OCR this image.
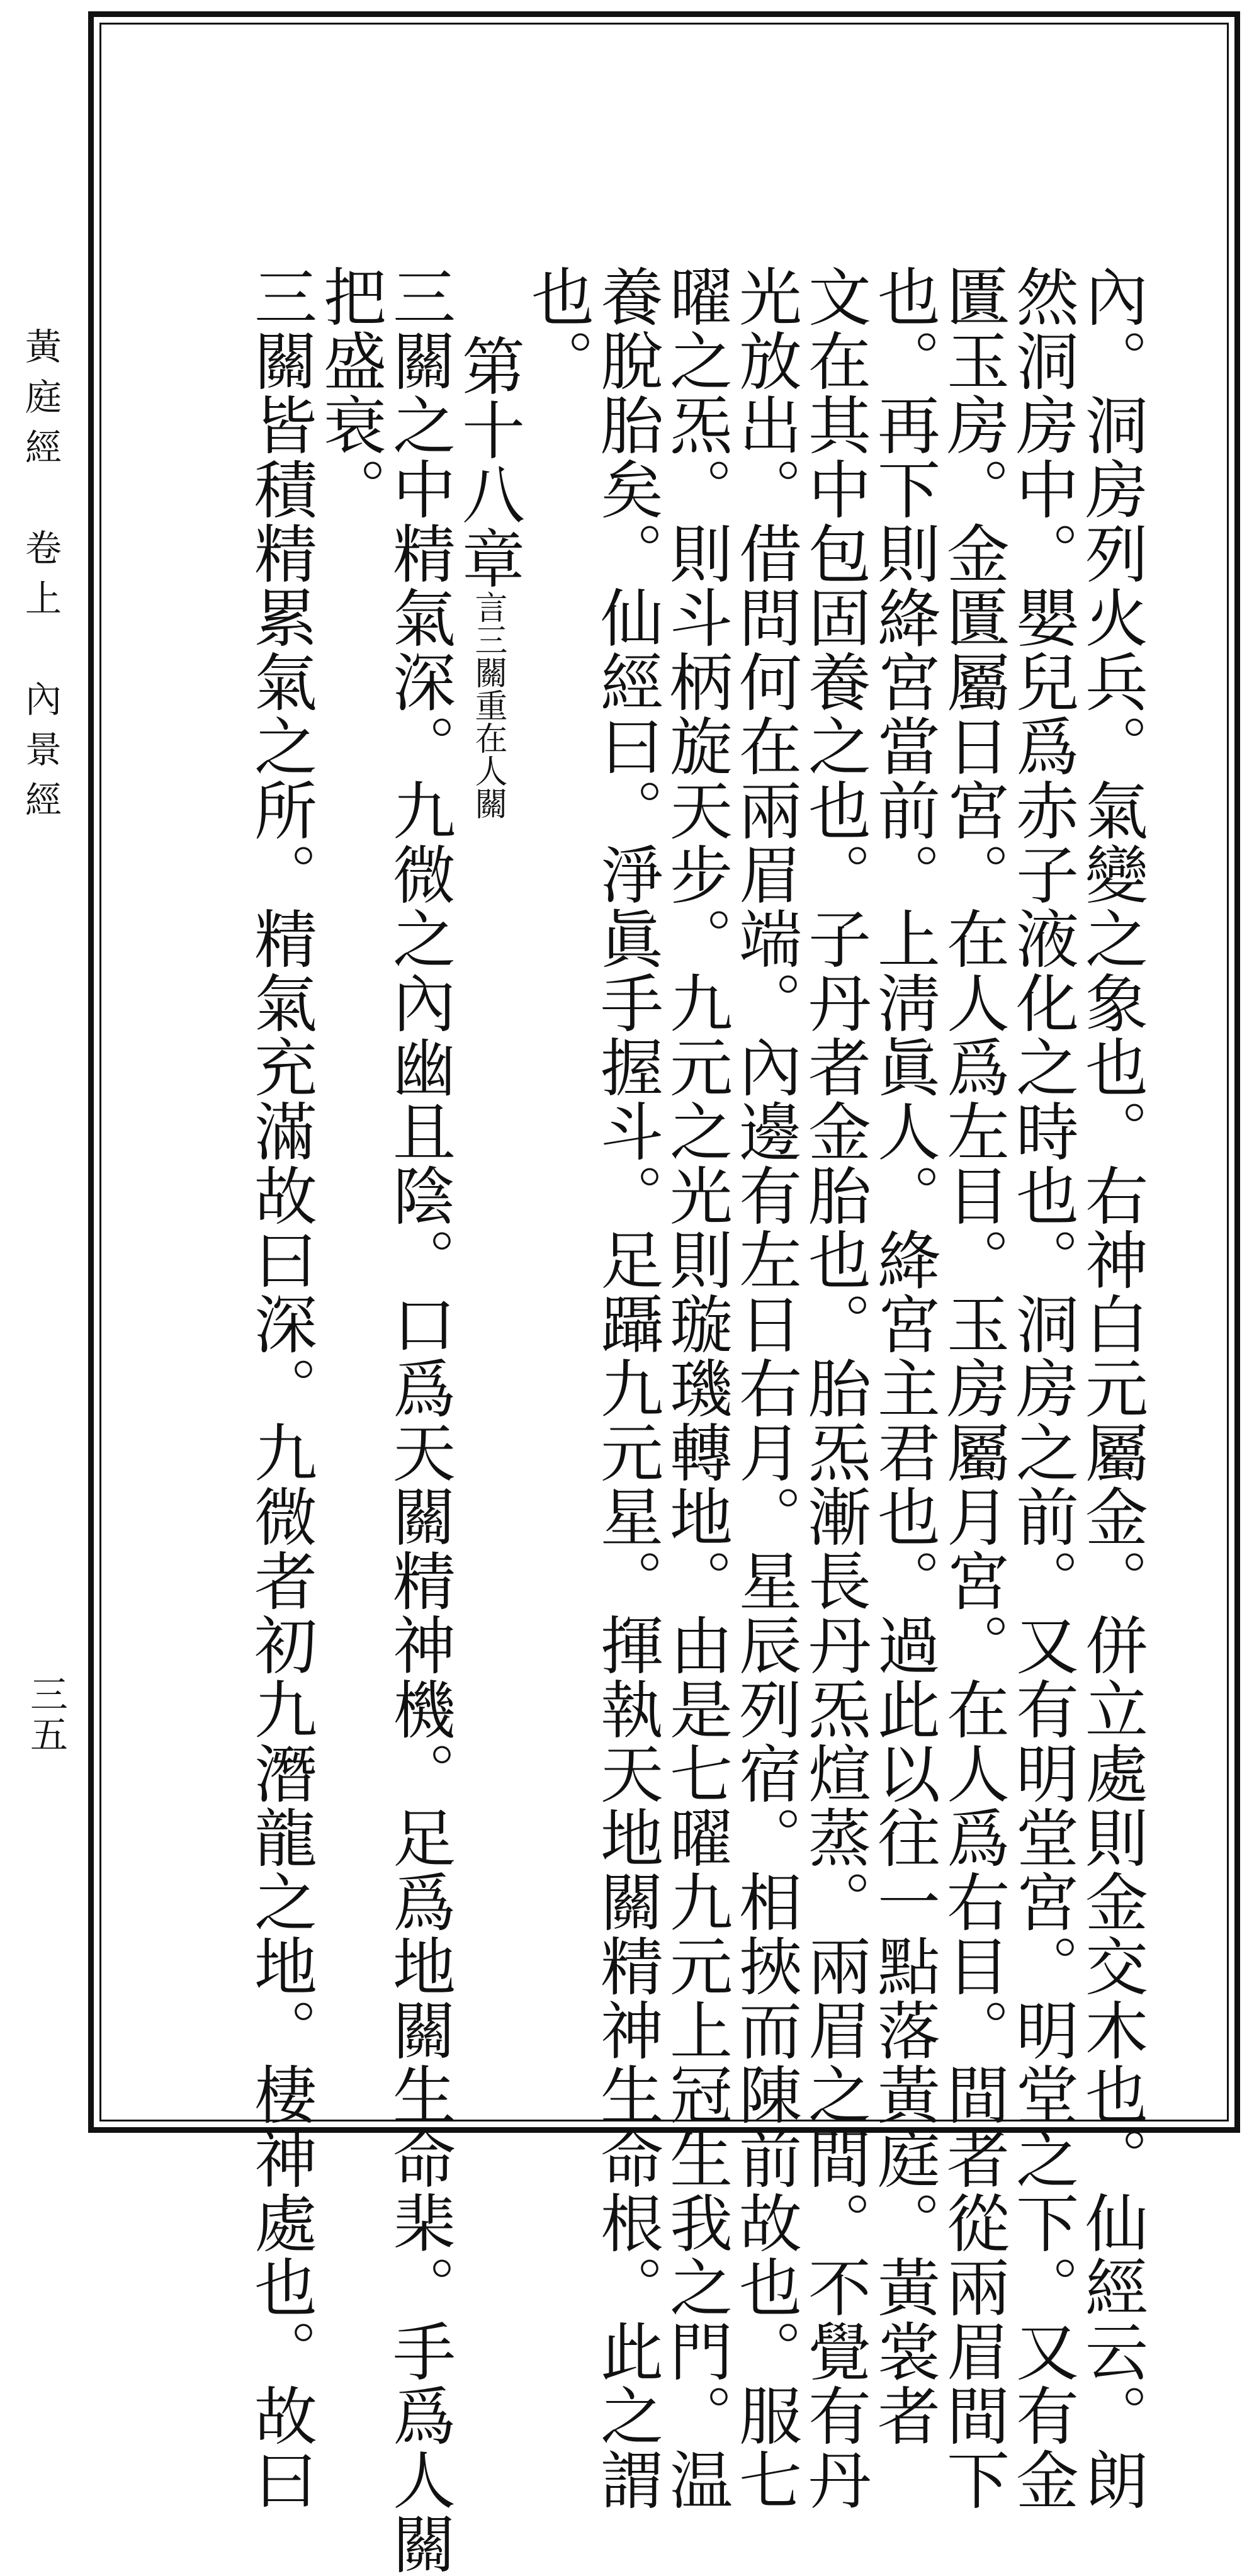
黃庭經　卷上　內景經
三五	內。洞房列火兵。氣變之象也。右神白元屬金。併立處則金交木也。仙經云。朗
然洞房中。嬰兒爲赤子液化之時也。洞房之前。又有明堂宮。明堂之下。又有金
匱玉房。金匱屬日宮。在人爲左目。玉房屬月宮。在人爲右目。間者從兩眉間下
也。再下則絳宮當前。上淸眞人。絳宮主君也。過此以往一點落黃庭。黃裳者
文在其中包固養之也。子丹者金胎也。胎炁漸長丹炁煊蒸。兩眉之間。不覺有丹
光放出。借問何在兩眉端。內邊有左日右月。星辰列宿。相挾而陳前故也。服七
曜之炁。則斗柄旋天步。九元之光則璇璣轉地。由是七曜九元上冠生我之門。温
養脫胎矣。仙經曰。淨眞手握斗。足躡九元星。揮執天地關精神生命根。此之謂
也。
第十八章言三關重在人關
三關之中精氣深。九微之內幽且陰。口爲天關精神機。足爲地關生命棐。手爲人關
把盛衰。
三關皆積精累氣之所。精氣充滿故曰深。九微者初九潛龍之地。棲神處也。故曰
